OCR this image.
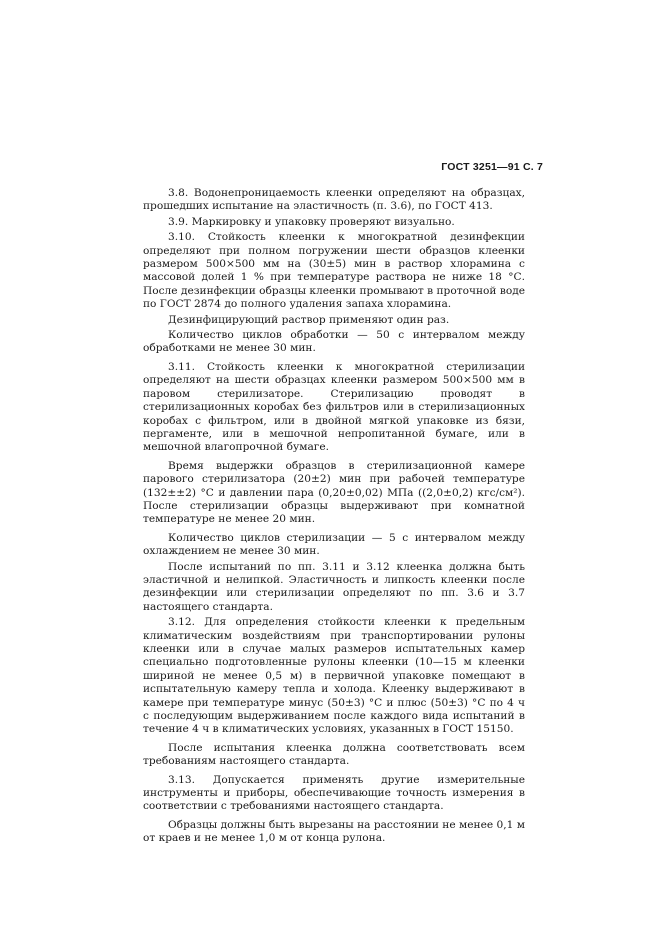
ГОСТ 3251—91 С. 7

3.8. Водонепроницаемость клеенки определяют на образцах, прошедших испытание на эластичность (п. 3.6), по ГОСТ 413.

3.9. Маркировку и упаковку проверяют визуально.

3.10. Стойкость клеенки к многократной дезинфекции определяют при полном погружении шести образцов клеенки размером 500×500 мм на (30±5) мин в раствор хлорамина с массовой долей 1 % при температуре раствора не ниже 18 °С. После дезинфекции образцы клеенки промывают в проточной воде по ГОСТ 2874 до полного удаления запаха хлорамина.

Дезинфицирующий раствор применяют один раз.

Количество циклов обработки — 50 с интервалом между обработками не менее 30 мин.

3.11. Стойкость клеенки к многократной стерилизации определяют на шести образцах клеенки размером 500×500 мм в паровом стерилизаторе. Стерилизацию проводят в стерилизационных коробах без фильтров или в стерилизационных коробах с фильтром, или в двойной мягкой упаковке из бязи, пергаменте, или в мешочной непропитанной бумаге, или в мешочной влагопрочной бумаге.

Время выдержки образцов в стерилизационной камере парового стерилизатора (20±2) мин при рабочей температуре (132±±2) °С и давлении пара (0,20±0,02) МПа ((2,0±0,2) кгс/см²). После стерилизации образцы выдерживают при комнатной температуре не менее 20 мин.

Количество циклов стерилизации — 5 с интервалом между охлаждением не менее 30 мин.

После испытаний по пп. 3.11 и 3.12 клеенка должна быть эластичной и нелипкой. Эластичность и липкость клеенки после дезинфекции или стерилизации определяют по пп. 3.6 и 3.7 настоящего стандарта.

3.12. Для определения стойкости клеенки к предельным климатическим воздействиям при транспортировании рулоны клеенки или в случае малых размеров испытательных камер специально подготовленные рулоны клеенки (10—15 м клеенки шириной не менее 0,5 м) в первичной упаковке помещают в испытательную камеру тепла и холода. Клеенку выдерживают в камере при температуре минус (50±3) °С и плюс (50±3) °С по 4 ч с последующим выдерживанием после каждого вида испытаний в течение 4 ч в климатических условиях, указанных в ГОСТ 15150.

После испытания клеенка должна соответствовать всем требованиям настоящего стандарта.

3.13. Допускается применять другие измерительные инструменты и приборы, обеспечивающие точность измерения в соответствии с требованиями настоящего стандарта.

Образцы должны быть вырезаны на расстоянии не менее 0,1 м от краев и не менее 1,0 м от конца рулона.
